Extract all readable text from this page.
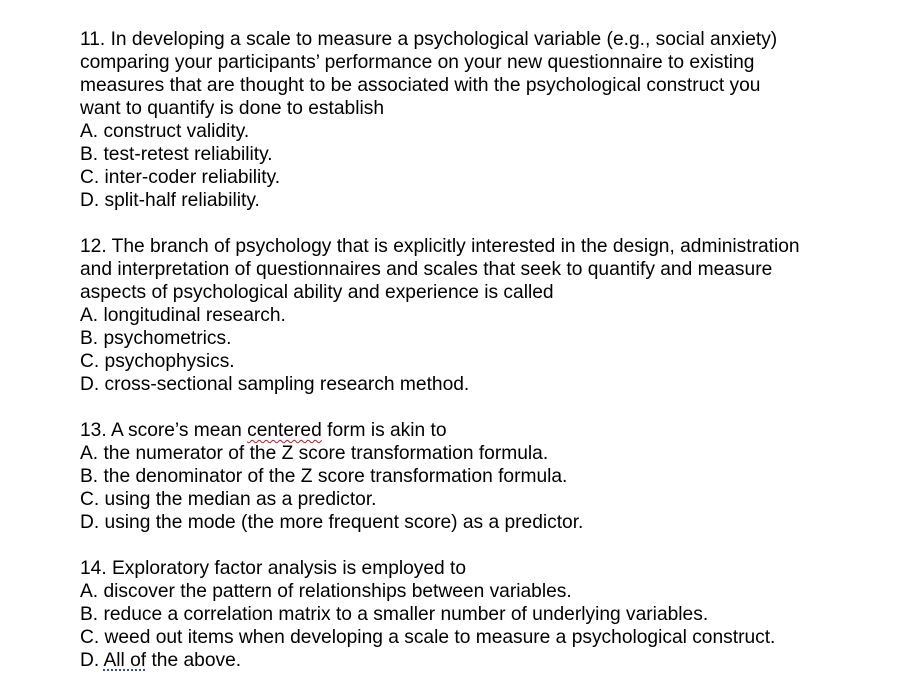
11. In developing a scale to measure a psychological variable (e.g., social anxiety)
comparing your participants’ performance on your new questionnaire to existing
measures that are thought to be associated with the psychological construct you
want to quantify is done to establish
A. construct validity.
B. test-retest reliability.
C. inter-coder reliability.
D. split-half reliability.
12. The branch of psychology that is explicitly interested in the design, administration
and interpretation of questionnaires and scales that seek to quantify and measure
aspects of psychological ability and experience is called
A. longitudinal research.
B. psychometrics.
C. psychophysics.
D. cross-sectional sampling research method.
13. A score’s mean centered form is akin to
A. the numerator of the Z score transformation formula.
B. the denominator of the Z score transformation formula.
C. using the median as a predictor.
D. using the mode (the more frequent score) as a predictor.
14. Exploratory factor analysis is employed to
A. discover the pattern of relationships between variables.
B. reduce a correlation matrix to a smaller number of underlying variables.
C. weed out items when developing a scale to measure a psychological construct.
D. All of the above.
